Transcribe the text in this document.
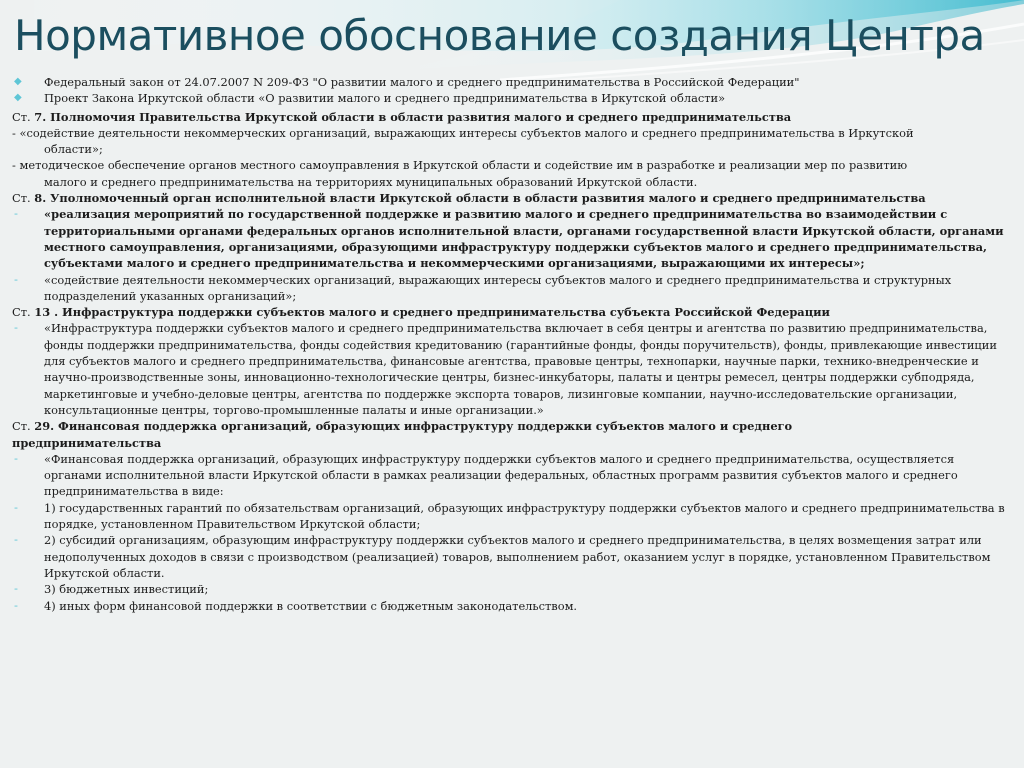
Нормативное обоснование создания Центра
◆	Федеральный закон от 24.07.2007 N 209-ФЗ "О развитии малого и среднего предпринимательства в Российской Федерации"
◆	Проект Закона Иркутской области «О развитии малого и среднего предпринимательства в Иркутской области»
Ст. 7. Полномочия Правительства Иркутской области в области развития малого и среднего предпринимательства
- «содействие деятельности некоммерческих организаций, выражающих интересы субъектов малого и среднего предпринимательства в Иркутской
области»;
- методическое обеспечение органов местного самоуправления в Иркутской области и содействие им в разработке и реализации мер по развитию
малого и среднего предпринимательства на территориях муниципальных образований Иркутской области.
Ст. 8. Уполномоченный орган исполнительной власти Иркутской области в области развития малого и среднего предпринимательства
-	«реализация мероприятий по государственной поддержке и развитию малого и среднего предпринимательства во взаимодействии с территориальными органами федеральных органов исполнительной власти, органами государственной власти Иркутской области, органами местного самоуправления, организациями, образующими инфраструктуру поддержки субъектов малого и среднего предпринимательства, субъектами малого и среднего предпринимательства и некоммерческими организациями, выражающими их интересы»;
-	«содействие деятельности некоммерческих организаций, выражающих интересы субъектов малого и среднего предпринимательства и структурных подразделений указанных организаций»;
Ст. 13 . Инфраструктура поддержки субъектов малого и среднего предпринимательства субъекта Российской Федерации
-	«Инфраструктура поддержки субъектов малого и среднего предпринимательства включает в себя центры и агентства по развитию предпринимательства, фонды поддержки предпринимательства, фонды содействия кредитованию (гарантийные фонды, фонды поручительств), фонды, привлекающие инвестиции для субъектов малого и среднего предпринимательства, финансовые агентства, правовые центры, технопарки, научные парки, технико-внедренческие и научно-производственные зоны, инновационно-технологические центры, бизнес-инкубаторы, палаты и центры ремесел, центры поддержки субподряда, маркетинговые и учебно-деловые центры, агентства по поддержке экспорта товаров, лизинговые компании, научно-исследовательские организации, консультационные центры, торгово-промышленные палаты и иные организации.»
Ст. 29. Финансовая поддержка организаций, образующих инфраструктуру поддержки субъектов малого и среднего
предпринимательства
-	«Финансовая поддержка организаций, образующих инфраструктуру поддержки субъектов малого и среднего предпринимательства, осуществляется органами исполнительной власти Иркутской области в рамках реализации федеральных, областных программ развития субъектов малого и среднего предпринимательства в виде:
-	1) государственных гарантий по обязательствам организаций, образующих инфраструктуру поддержки субъектов малого и среднего предпринимательства в порядке, установленном Правительством Иркутской области;
-	2) субсидий организациям, образующим инфраструктуру поддержки субъектов малого и среднего предпринимательства, в целях возмещения затрат или недополученных доходов в связи с производством (реализацией) товаров, выполнением работ, оказанием услуг в порядке, установленном Правительством Иркутской области.
-	3) бюджетных инвестиций;
-	4) иных форм финансовой поддержки в соответствии с бюджетным законодательством.
